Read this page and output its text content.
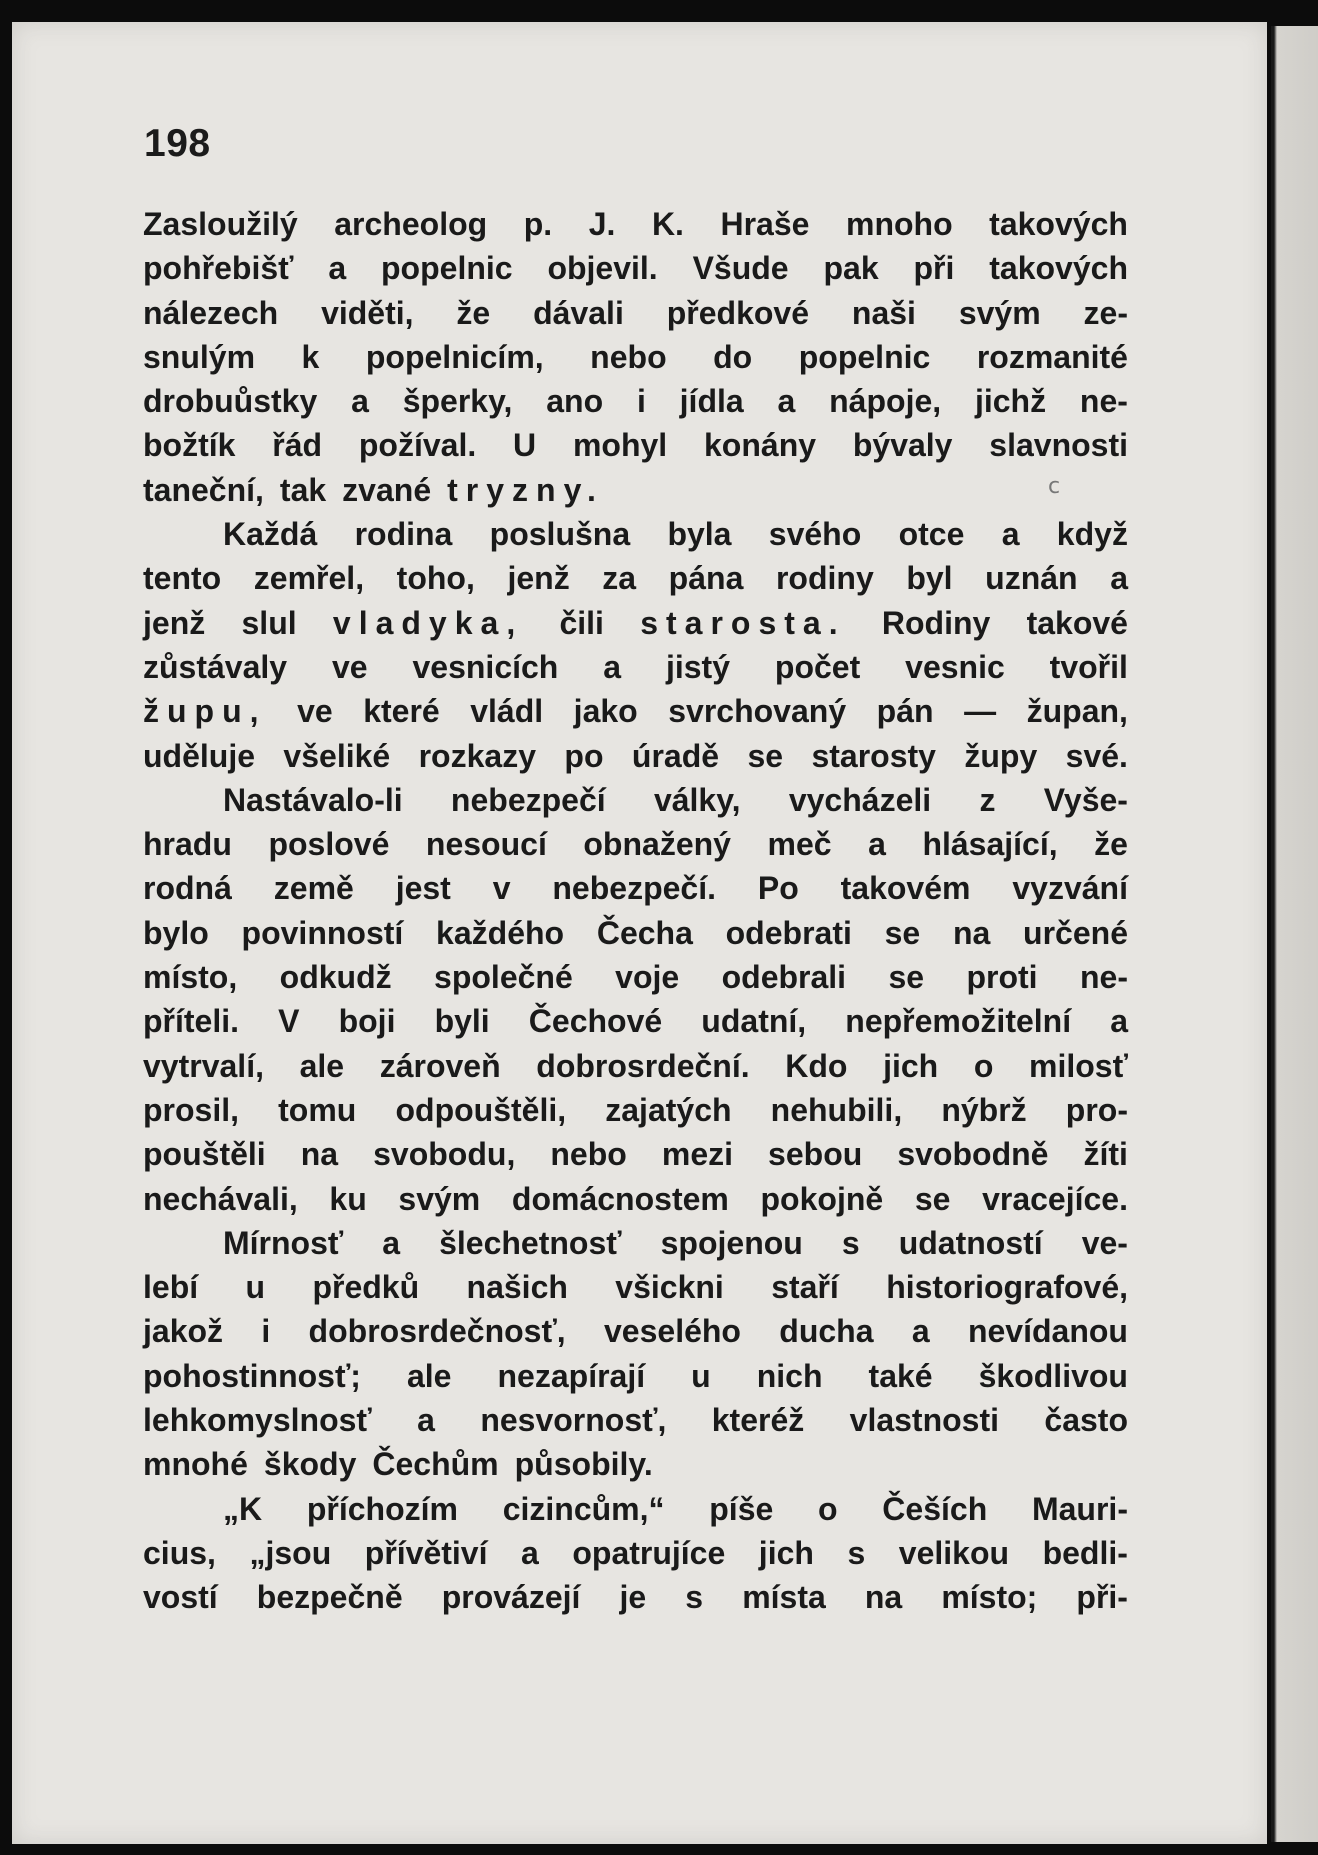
198
Zasloužilý archeolog p. J. K. Hraše mnoho takových
pohřebišť a popelnic objevil. Všude pak při takových
nálezech viděti, že dávali předkové naši svým ze-
snulým k popelnicím, nebo do popelnic rozmanité
drobuůstky a šperky, ano i jídla a nápoje, jichž ne-
božtík řád požíval. U mohyl konány bývaly slavnosti
taneční, tak zvané tryzny.
Každá rodina poslušna byla svého otce a když
tento zemřel, toho, jenž za pána rodiny byl uznán a
jenž slul vladyka, čili starosta. Rodiny takové
zůstávaly ve vesnicích a jistý počet vesnic tvořil
župu, ve které vládl jako svrchovaný pán — župan,
uděluje všeliké rozkazy po úradě se starosty župy své.
Nastávalo-li nebezpečí války, vycházeli z Vyše-
hradu poslové nesoucí obnažený meč a hlásající, že
rodná země jest v nebezpečí. Po takovém vyzvání
bylo povinností každého Čecha odebrati se na určené
místo, odkudž společné voje odebrali se proti ne-
příteli. V boji byli Čechové udatní, nepřemožitelní a
vytrvalí, ale zároveň dobrosrdeční. Kdo jich o milosť
prosil, tomu odpouštěli, zajatých nehubili, nýbrž pro-
pouštěli na svobodu, nebo mezi sebou svobodně žíti
nechávali, ku svým domácnostem pokojně se vracejíce.
Mírnosť a šlechetnosť spojenou s udatností ve-
lebí u předků našich všickni staří historiografové,
jakož i dobrosrdečnosť, veselého ducha a nevídanou
pohostinnosť; ale nezapírají u nich také škodlivou
lehkomyslnosť a nesvornosť, kteréž vlastnosti často
mnohé škody Čechům působily.
„K příchozím cizincům,“ píše o Češích Mauri-
cius, „jsou přívětiví a opatrujíce jich s velikou bedli-
vostí bezpečně provázejí je s místa na místo; při-
c
